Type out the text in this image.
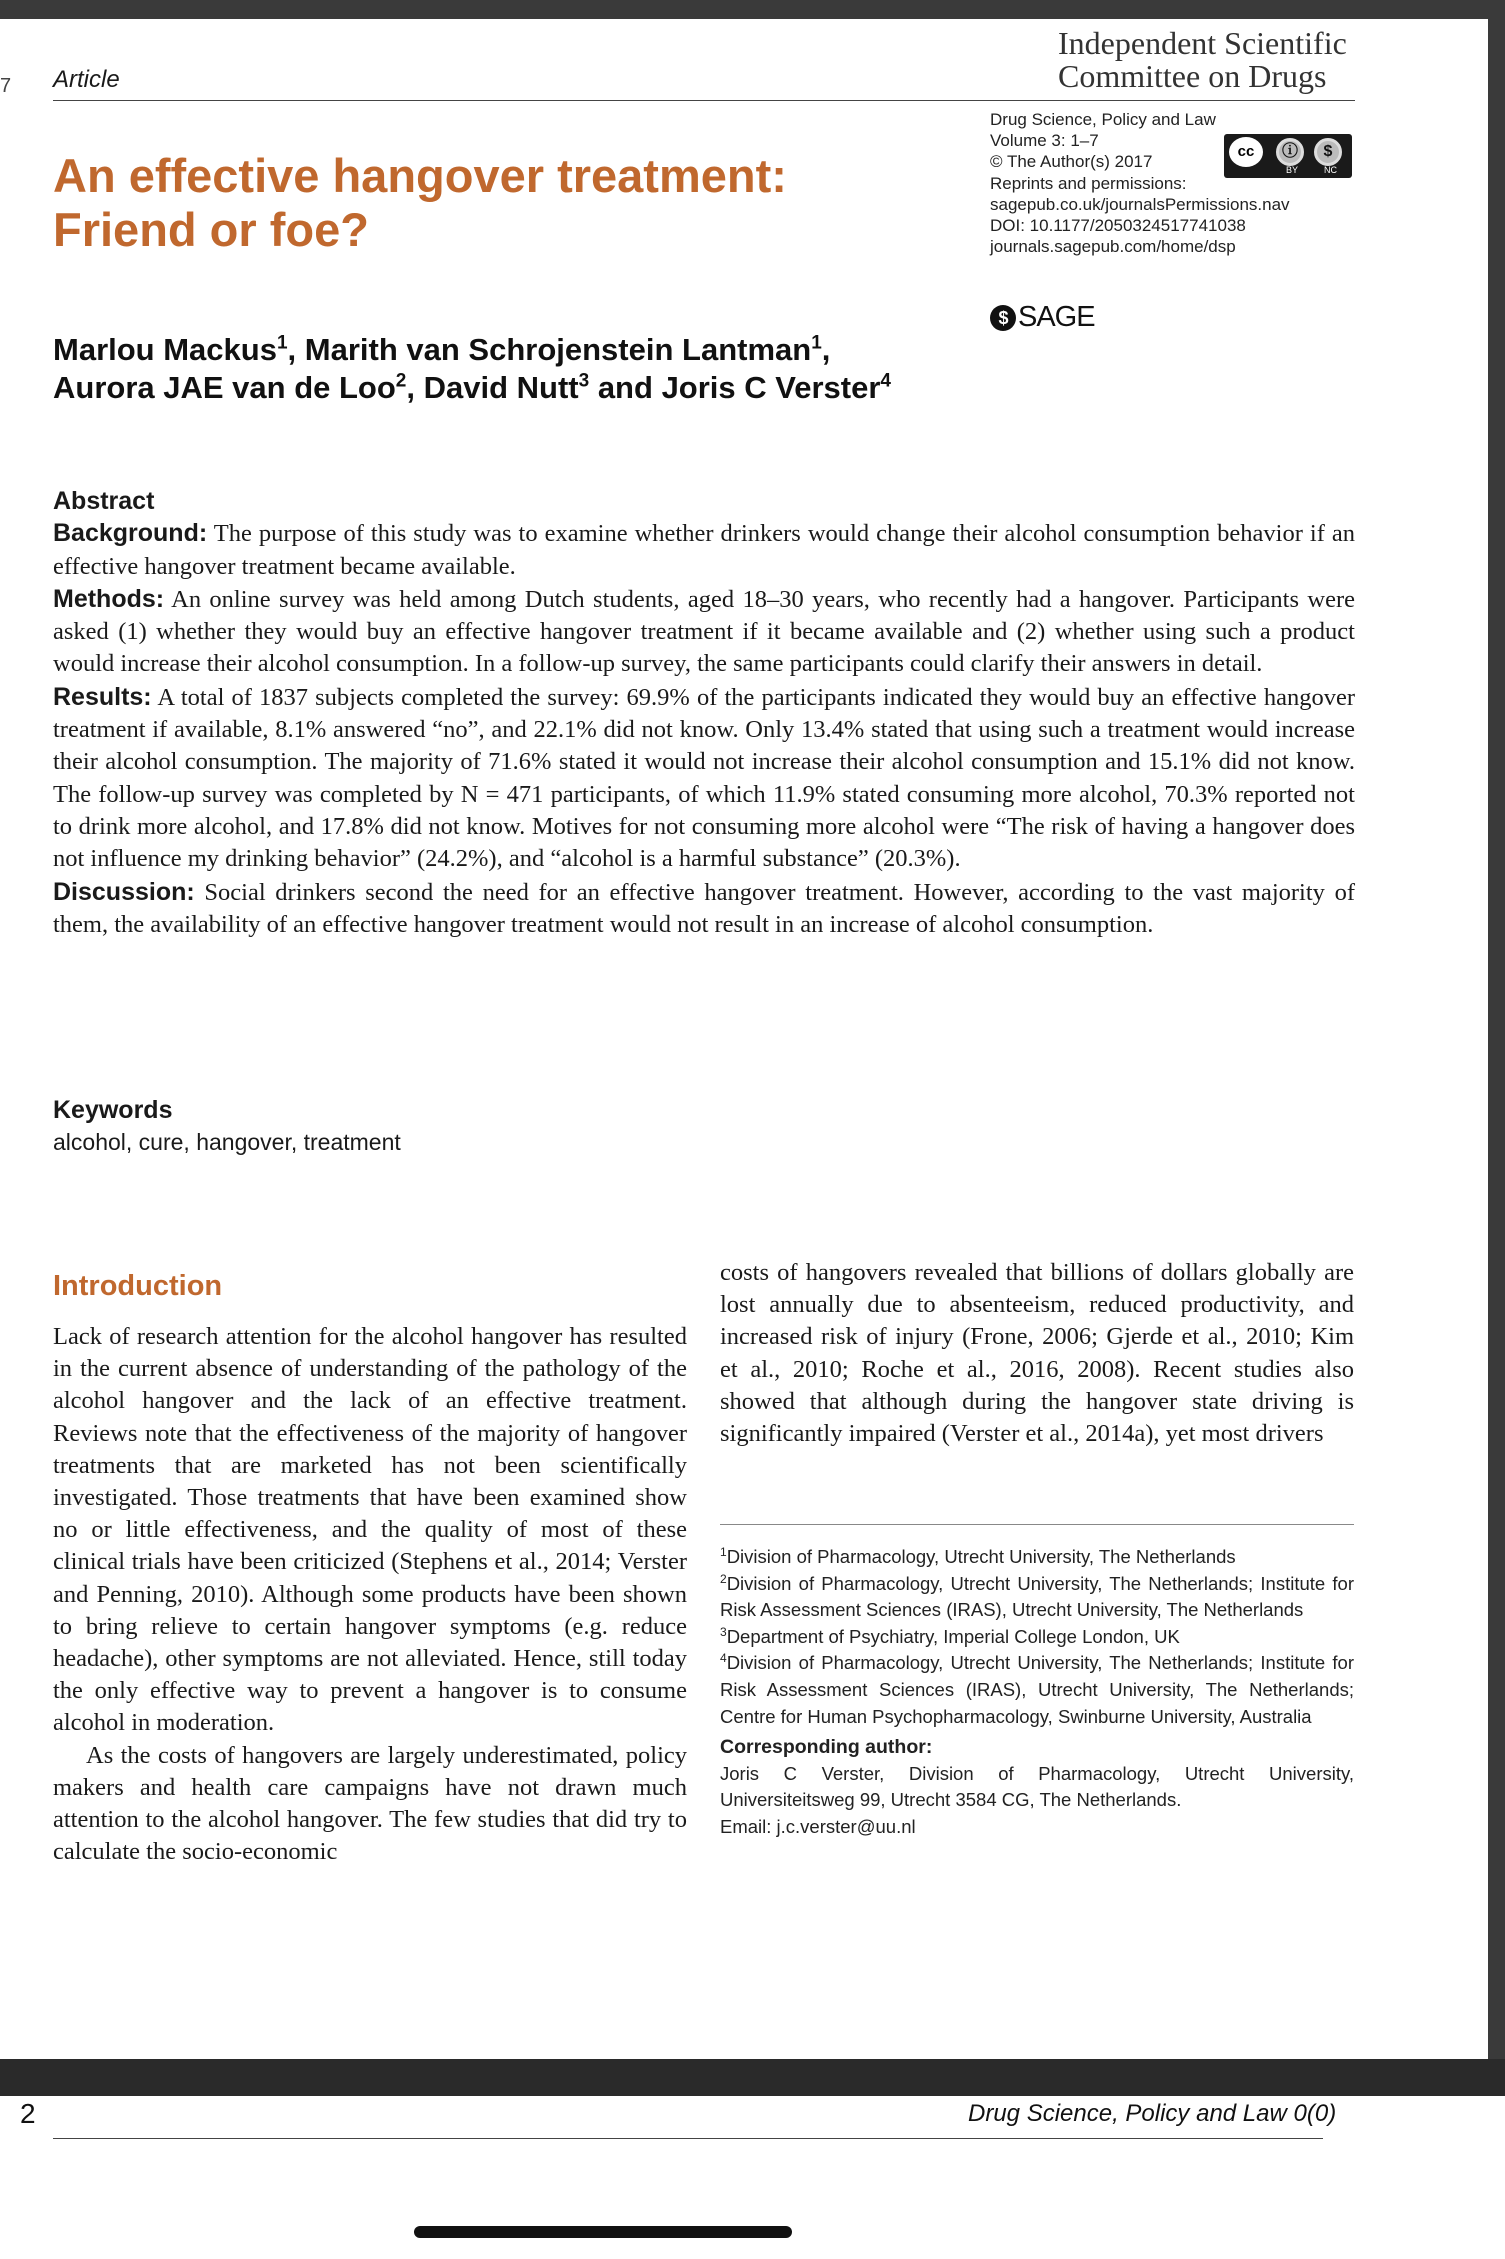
7 Article
Independent Scientific
Committee on Drugs
An effective hangover treatment:
Friend or foe?
Drug Science, Policy and Law
Volume 3: 1–7
© The Author(s) 2017
Reprints and permissions:
sagepub.co.uk/journalsPermissions.nav
DOI: 10.1177/2050324517741038
journals.sagepub.com/home/dsp
cc	ⓘ	$
BY	NC
$ SAGE
Marlou Mackus$^1$, Marith van Schrojenstein Lantman$^1$,
Aurora JAE van de Loo$^2$, David Nutt$^3$ and Joris C Verster$^4$

Abstract

Background: The purpose of this study was to examine whether drinkers would change their alcohol consumption behavior if an effective hangover treatment became available.

Methods: An online survey was held among Dutch students, aged 18–30 years, who recently had a hangover. Participants were asked (1) whether they would buy an effective hangover treatment if it became available and (2) whether using such a product would increase their alcohol consumption. In a follow-up survey, the same participants could clarify their answers in detail.

Results: A total of 1837 subjects completed the survey: 69.9% of the participants indicated they would buy an effective hangover treatment if available, 8.1% answered “no”, and 22.1% did not know. Only 13.4% stated that using such a treatment would increase their alcohol consumption. The majority of 71.6% stated it would not increase their alcohol consumption and 15.1% did not know. The follow-up survey was completed by N = 471 participants, of which 11.9% stated consuming more alcohol, 70.3% reported not to drink more alcohol, and 17.8% did not know. Motives for not consuming more alcohol were “The risk of having a hangover does not influence my drinking behavior” (24.2%), and “alcohol is a harmful substance” (20.3%).

Discussion: Social drinkers second the need for an effective hangover treatment. However, according to the vast majority of them, the availability of an effective hangover treatment would not result in an increase of alcohol consumption.

Keywords
alcohol, cure, hangover, treatment
Introduction

Lack of research attention for the alcohol hangover has resulted in the current absence of understanding of the pathology of the alcohol hangover and the lack of an effective treatment. Reviews note that the effectiveness of the majority of hangover treatments that are marketed has not been scientifically investigated. Those treatments that have been examined show no or little effectiveness, and the quality of most of these clinical trials have been criticized (Stephens et al., 2014; Verster and Penning, 2010). Although some products have been shown to bring relieve to certain hangover symptoms (e.g. reduce headache), other symptoms are not alleviated. Hence, still today the only effective way to prevent a hangover is to consume alcohol in moderation.

As the costs of hangovers are largely underestimated, policy makers and health care campaigns have not drawn much attention to the alcohol hangover. The few studies that did try to calculate the socio-economic

costs of hangovers revealed that billions of dollars globally are lost annually due to absenteeism, reduced productivity, and increased risk of injury (Frone, 2006; Gjerde et al., 2010; Kim et al., 2010; Roche et al., 2016, 2008). Recent studies also showed that although during the hangover state driving is significantly impaired (Verster et al., 2014a), yet most drivers
$^1$Division of Pharmacology, Utrecht University, The Netherlands
$^2$Division of Pharmacology, Utrecht University, The Netherlands; Institute for Risk Assessment Sciences (IRAS), Utrecht University, The Netherlands
$^3$Department of Psychiatry, Imperial College London, UK
$^4$Division of Pharmacology, Utrecht University, The Netherlands; Institute for Risk Assessment Sciences (IRAS), Utrecht University, The Netherlands; Centre for Human Psychopharmacology, Swinburne University, Australia
Corresponding author:
Joris C Verster, Division of Pharmacology, Utrecht University, Universiteitsweg 99, Utrecht 3584 CG, The Netherlands.
Email: j.c.verster@uu.nl
2	Drug Science, Policy and Law 0(0)
